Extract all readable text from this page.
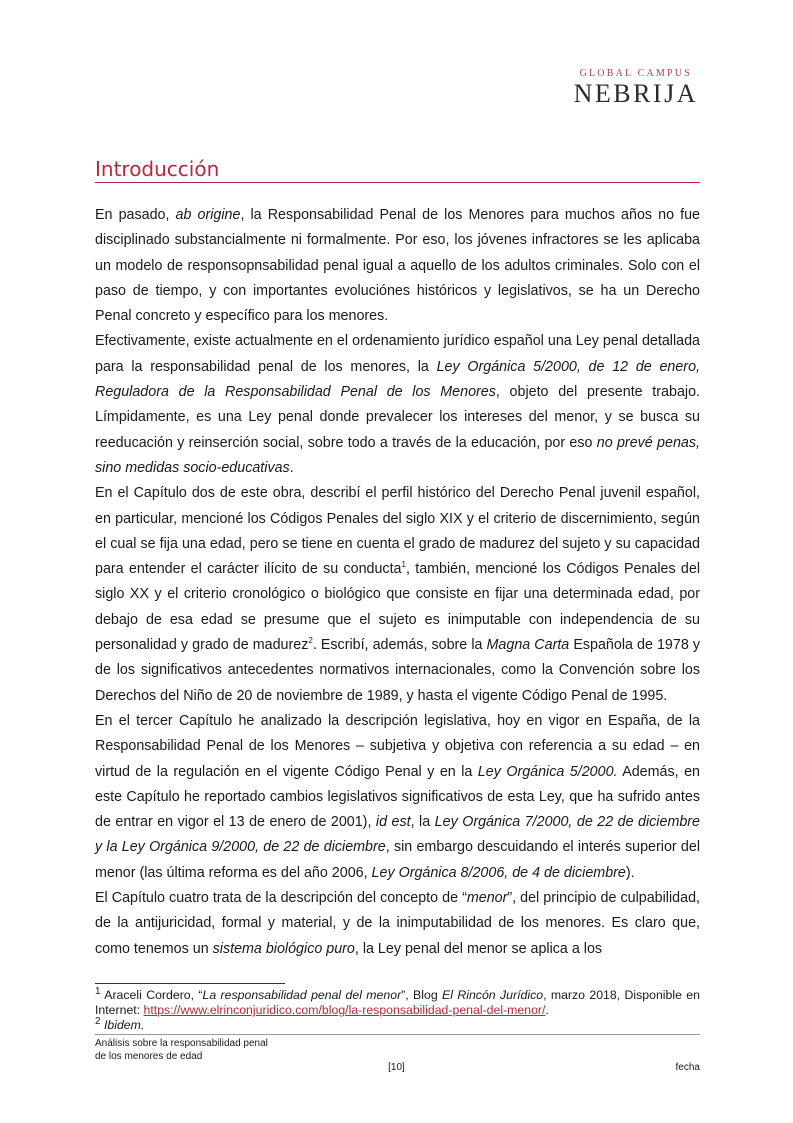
GLOBAL CAMPUS
NEBRIJA
Introducción

En pasado, ab origine, la Responsabilidad Penal de los Menores para muchos años no fue disciplinado substancialmente ni formalmente. Por eso, los jóvenes infractores se les aplicaba un modelo de responsopnsabilidad penal igual a aquello de los adultos criminales. Solo con el paso de tiempo, y con importantes evoluciónes históricos y legislativos, se ha un Derecho Penal concreto y específico para los menores.

Efectivamente, existe actualmente en el ordenamiento jurídico español una Ley penal detallada para la responsabilidad penal de los menores, la Ley Orgánica 5/2000, de 12 de enero, Reguladora de la Responsabilidad Penal de los Menores, objeto del presente trabajo. Límpidamente, es una Ley penal donde prevalecer los intereses del menor, y se busca su reeducación y reinserción social, sobre todo a través de la educación, por eso no prevé penas, sino medidas socio-educativas.

En el Capítulo dos de este obra, describí el perfil histórico del Derecho Penal juvenil español, en particular, mencioné los Códigos Penales del siglo XIX y el criterio de discernimiento, según el cual se fija una edad, pero se tiene en cuenta el grado de madurez del sujeto y su capacidad para entender el carácter ilícito de su conducta$^1$, también, mencioné los Códigos Penales del siglo XX y el criterio cronológico o biológico que consiste en fijar una determinada edad, por debajo de esa edad se presume que el sujeto es inimputable con independencia de su personalidad y grado de madurez$^2$. Escribí, además, sobre la Magna Carta Española de 1978 y de los significativos antecedentes normativos internacionales, como la Convención sobre los Derechos del Niño de 20 de noviembre de 1989, y hasta el vigente Código Penal de 1995.

En el tercer Capítulo he analizado la descripción legislativa, hoy en vigor en España, de la Responsabilidad Penal de los Menores – subjetiva y objetiva con referencia a su edad – en virtud de la regulación en el vigente Código Penal y en la Ley Orgánica 5/2000. Además, en este Capítulo he reportado cambios legislativos significativos de esta Ley, que ha sufrido antes de entrar en vigor el 13 de enero de 2001), id est, la Ley Orgánica 7/2000, de 22 de diciembre y la Ley Orgánica 9/2000, de 22 de diciembre, sin embargo descuidando el interés superior del menor (las última reforma es del año 2006, Ley Orgánica 8/2006, de 4 de diciembre).

El Capítulo cuatro trata de la descripción del concepto de “menor”, del principio de culpabilidad, de la antijuricidad, formal y material, y de la inimputabilidad de los menores. Es claro que, como tenemos un sistema biológico puro, la Ley penal del menor se aplica a los

$^1$ Araceli Cordero, “La responsabilidad penal del menor”, Blog El Rincón Jurídico, marzo 2018, Disponible en Internet: https://www.elrinconjuridico.com/blog/la-responsabilidad-penal-del-menor/.

$^2$ Ibidem.

Análisis sobre la responsabilidad penal
de los menores de edad
[10]	fecha
